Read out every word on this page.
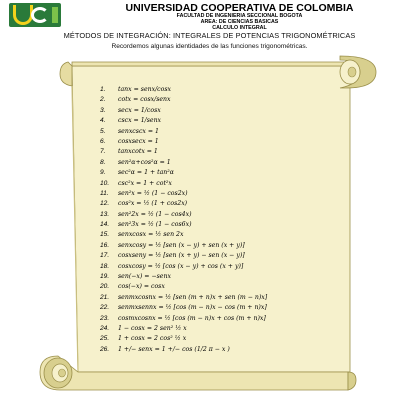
UNIVERSIDAD COOPERATIVA DE COLOMBIA
FACULTAD DE INGENIERIA SECCIONAL BOGOTA
AREA: DE CIENCIAS BASICAS
CALCULO INTEGRAL
MÉTODOS DE INTEGRACIÓN: INTEGRALES DE POTENCIAS TRIGONOMÉTRICAS
Recordemos algunas identidades de las funciones trigonométricas.
1. tanx = senx/cosx
2. cotx = cosx/senx
3. secx = 1/cosx
4. cscx = 1/senx
5. senxcscx = 1
6. cosxsecx = 1
7. tanxcotx = 1
8. sen²α+cos²α = 1
9. sec²α = 1 + tan²α
10. csc²x = 1 + cot²x
11. sen²x = ½ (1 − cos2x)
12. cos²x = ½ (1 + cos2x)
13. sen²2x = ½ (1 − cos4x)
14. sen²3x = ½ (1 − cos6x)
15. senxcosx = ½ sen 2x
16. senxcosy = ½ [sen (x − y) + sen (x + y)]
17. cosxseny = ½ [sen (x + y) − sen (x − y)]
18. cosxcosy = ½ [cos (x − y) + cos (x + y)]
19. sen(−x) = −senx
20. cos(−x) = cosx
21. senmxcosnx = ½ [sen (m + n)x + sen (m − n)x]
22. senmxsennx = ½ [cos (m − n)x − cos (m + n)x]
23. cosmxcosnx = ½ [cos (m − n)x + cos (m + n)x]
24. 1 − cosx = 2 sen² ½ x
25. 1 + cosx = 2 cos² ½ x
26. 1 +/− senx = 1 +/− cos (1/2 π − x )
